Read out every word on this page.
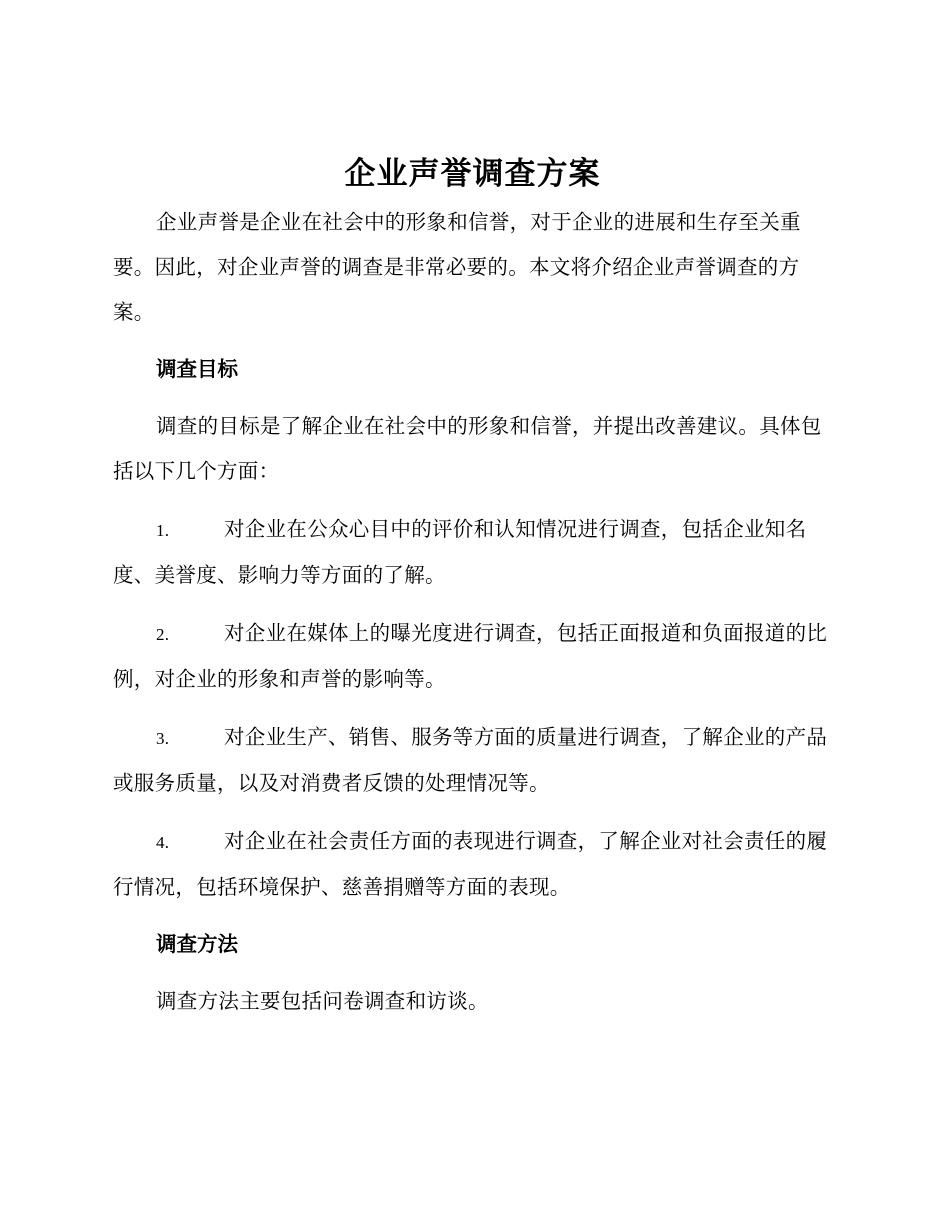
企业声誉调查方案

企业声誉是企业在社会中的形象和信誉，对于企业的进展和生存至关重要。因此，对企业声誉的调查是非常必要的。本文将介绍企业声誉调查的方案。

调查目标

调查的目标是了解企业在社会中的形象和信誉，并提出改善建议。具体包括以下几个方面：

1.	对企业在公众心目中的评价和认知情况进行调查，包括企业知名度、美誉度、影响力等方面的了解。

2.	对企业在媒体上的曝光度进行调查，包括正面报道和负面报道的比例，对企业的形象和声誉的影响等。

3.	对企业生产、销售、服务等方面的质量进行调查，了解企业的产品或服务质量，以及对消费者反馈的处理情况等。

4.	对企业在社会责任方面的表现进行调查，了解企业对社会责任的履行情况，包括环境保护、慈善捐赠等方面的表现。

调查方法

调查方法主要包括问卷调查和访谈。
